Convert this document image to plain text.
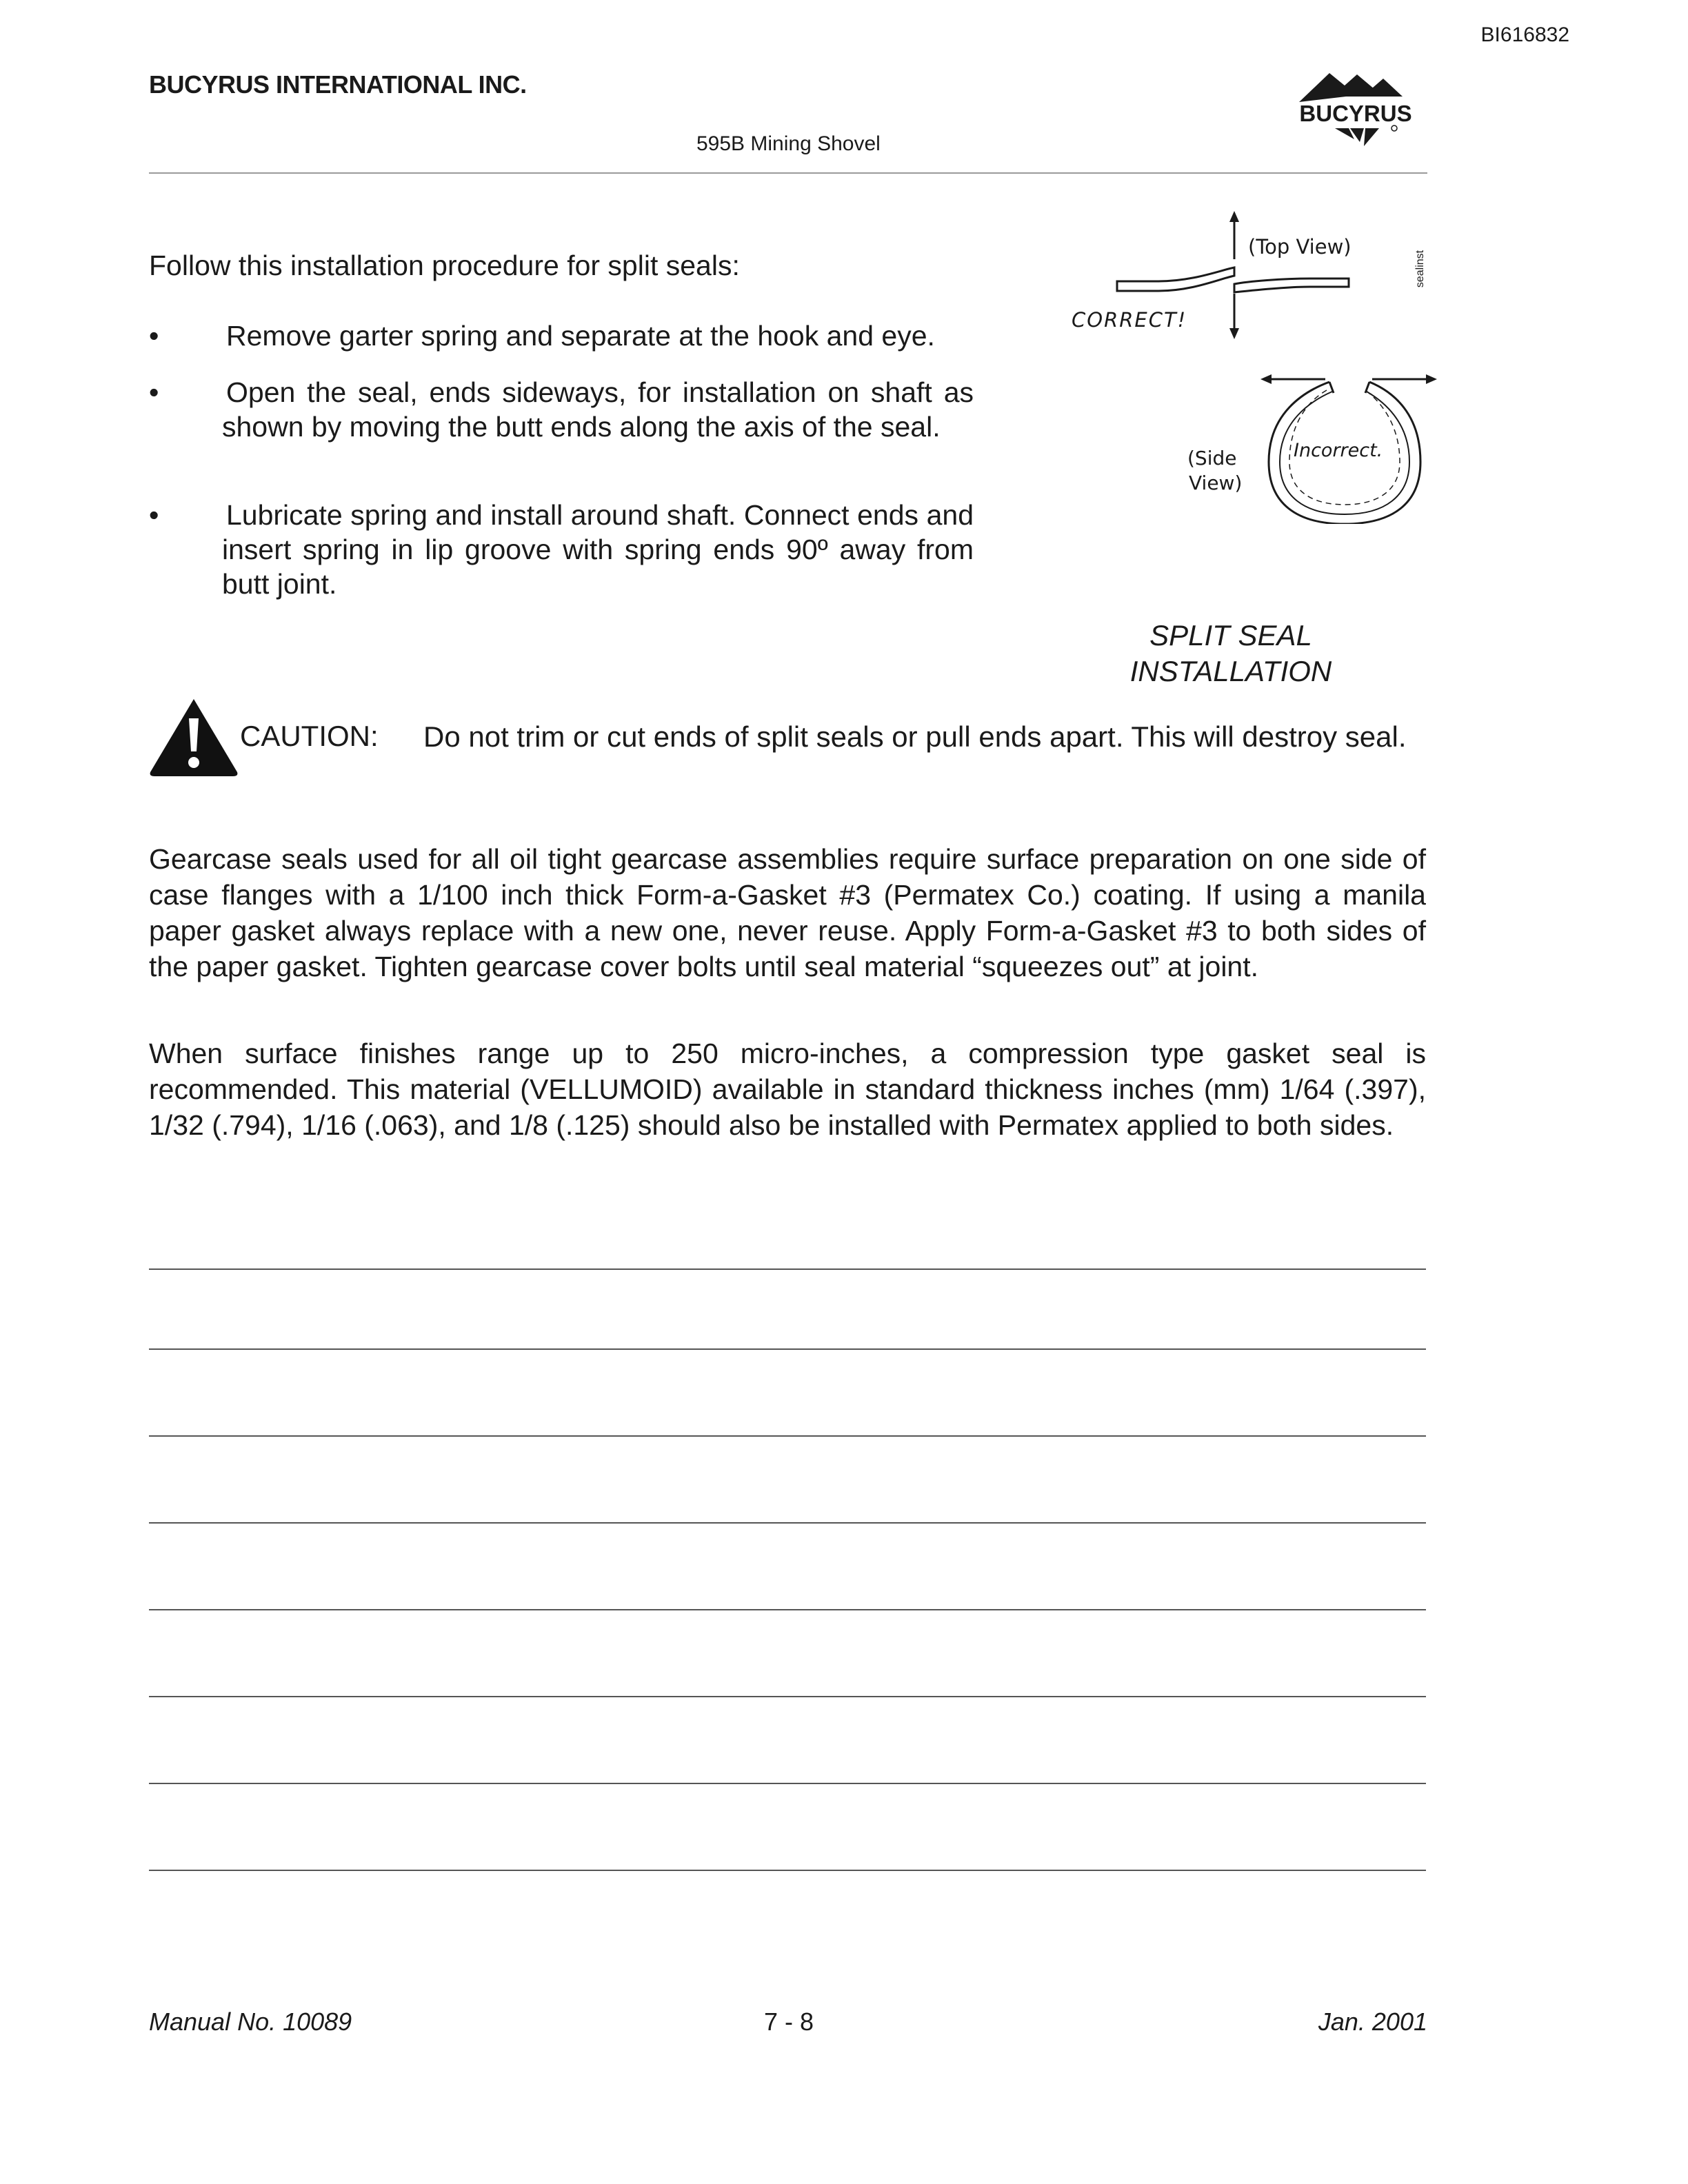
BI616832
BUCYRUS INTERNATIONAL INC.
595B Mining Shovel
BUCYRUS
Follow this installation procedure for split seals:
• Remove garter spring and separate at the hook and eye.
• Open the seal, ends sideways, for installation on shaft as shown by moving the butt ends along the axis of the seal.
• Lubricate spring and install around shaft. Connect ends and insert spring in lip groove with spring ends 90º away from butt joint.
(Top View)
CORRECT!
sealinst
Incorrect.
(Side
View)
SPLIT SEAL
INSTALLATION
CAUTION: Do not trim or cut ends of split seals or pull ends apart. This will destroy seal.
Gearcase seals used for all oil tight gearcase assemblies require surface preparation on one side of case flanges with a 1/100 inch thick Form-a-Gasket #3 (Permatex Co.) coating. If using a manila paper gasket always replace with a new one, never reuse. Apply Form-a-Gasket #3 to both sides of the paper gasket. Tighten gearcase cover bolts until seal material “squeezes out” at joint.
When surface finishes range up to 250 micro-inches, a compression type gasket seal is recommended. This material (VELLUMOID) available in standard thickness inches (mm) 1/64 (.397), 1/32 (.794), 1/16 (.063), and 1/8 (.125) should also be installed with Permatex applied to both sides.
Manual No. 10089	7 - 8	Jan. 2001
